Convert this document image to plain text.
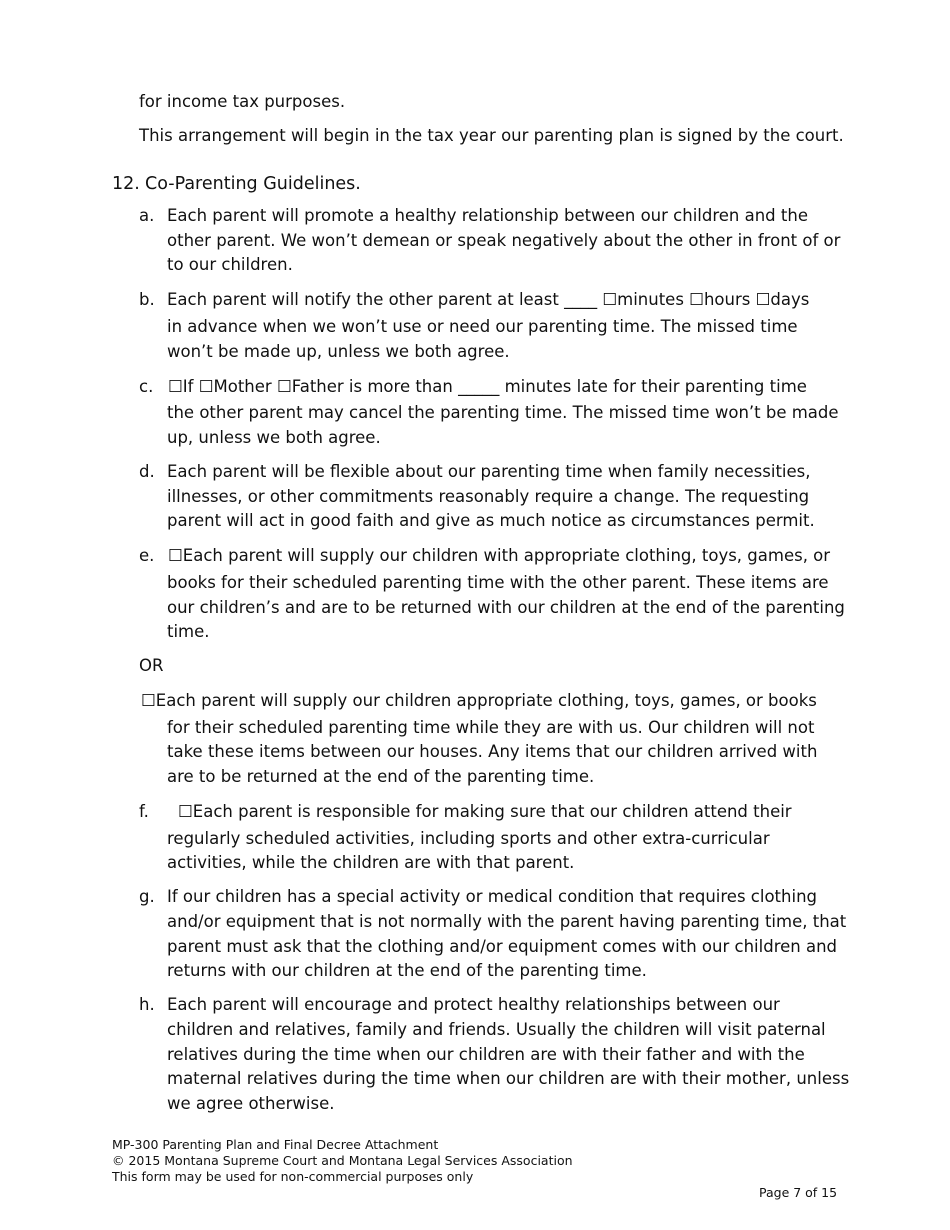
for income tax purposes.
This arrangement will begin in the tax year our parenting plan is signed by the court.
12. Co-Parenting Guidelines.
a. Each parent will promote a healthy relationship between our children and the
other parent. We won’t demean or speak negatively about the other in front of or
to our children.
b. Each parent will notify the other parent at least ____ ☐minutes ☐hours ☐days
in advance when we won’t use or need our parenting time. The missed time
won’t be made up, unless we both agree.
c. ☐If ☐Mother ☐Father is more than _____ minutes late for their parenting time
the other parent may cancel the parenting time. The missed time won’t be made
up, unless we both agree.
d. Each parent will be flexible about our parenting time when family necessities,
illnesses, or other commitments reasonably require a change. The requesting
parent will act in good faith and give as much notice as circumstances permit.
e. ☐Each parent will supply our children with appropriate clothing, toys, games, or
books for their scheduled parenting time with the other parent. These items are
our children’s and are to be returned with our children at the end of the parenting
time.
OR
☐Each parent will supply our children appropriate clothing, toys, games, or books
for their scheduled parenting time while they are with us. Our children will not
take these items between our houses. Any items that our children arrived with
are to be returned at the end of the parenting time.
f. ☐Each parent is responsible for making sure that our children attend their
regularly scheduled activities, including sports and other extra-curricular
activities, while the children are with that parent.
g. If our children has a special activity or medical condition that requires clothing
and/or equipment that is not normally with the parent having parenting time, that
parent must ask that the clothing and/or equipment comes with our children and
returns with our children at the end of the parenting time.
h. Each parent will encourage and protect healthy relationships between our
children and relatives, family and friends. Usually the children will visit paternal
relatives during the time when our children are with their father and with the
maternal relatives during the time when our children are with their mother, unless
we agree otherwise.
MP-300 Parenting Plan and Final Decree Attachment
© 2015 Montana Supreme Court and Montana Legal Services Association
This form may be used for non-commercial purposes only
Page 7 of 15
